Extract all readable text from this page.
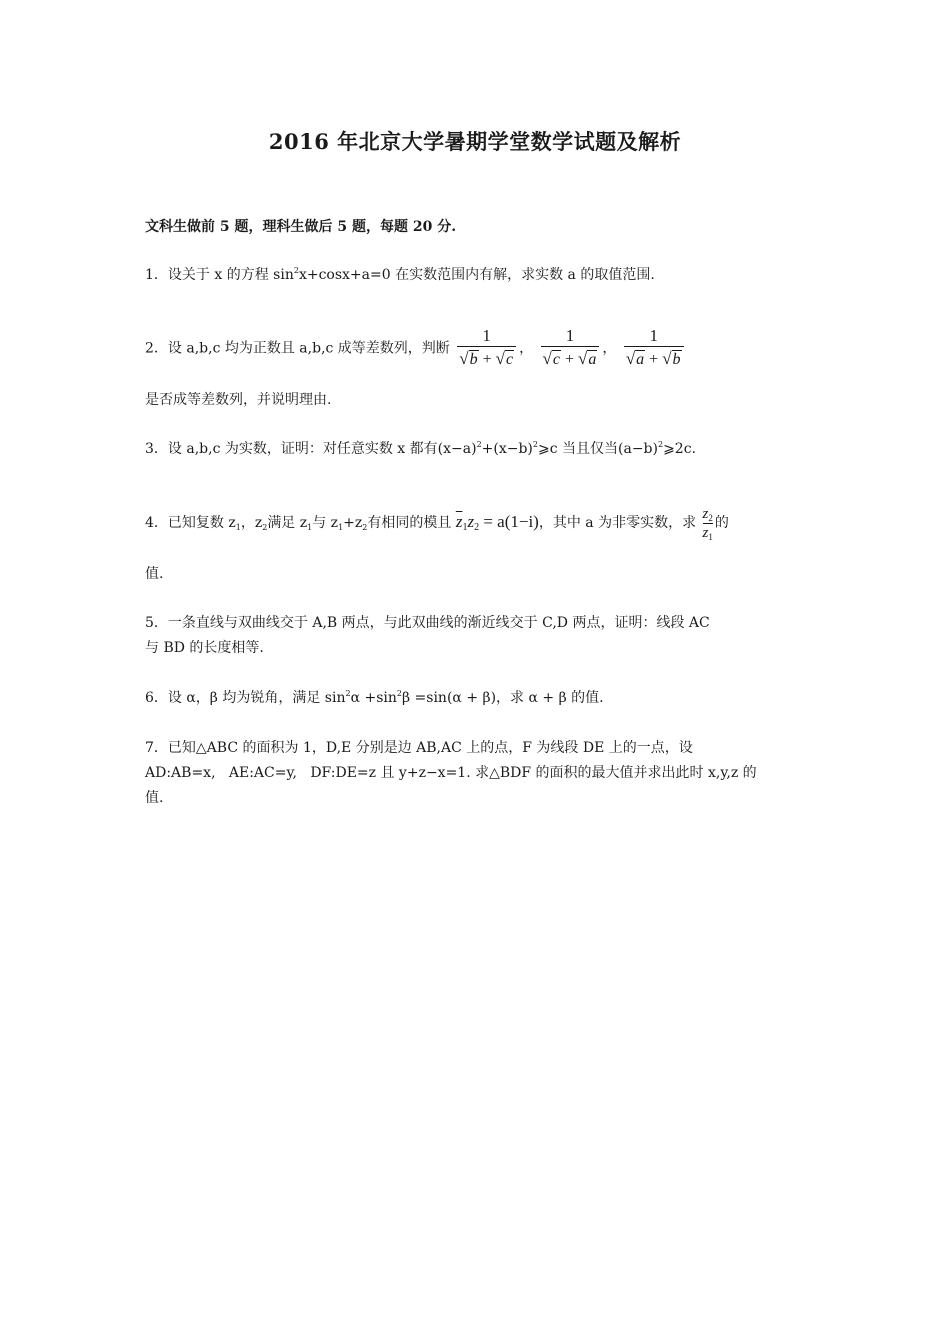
2016 年北京大学暑期学堂数学试题及解析
文科生做前 5 题，理科生做后 5 题，每题 20 分.
1．设关于 x 的方程 $\sin^2x+\cos x+a=0$ 在实数范围内有解，求实数 a 的取值范围.
2．设 a,b,c 均为正数且 a,b,c 成等差数列，判断 $\frac{1}{√b + √c}$ ， $\frac{1}{√c + √a}$ ， $\frac{1}{√a + √b}$
是否成等差数列，并说明理由.
3．设 a,b,c 为实数，证明：对任意实数 x 都有$(x-a)^2+(x-b)^2⩾c$ 当且仅当$(a-b)^2⩾2c$.
4．已知复数 $z_1$，$z_2$满足 $z_1$与 $z_1+z_2$有相同的模且 $\overline{z}_1z_2 = a(1-i)$，其中 a 为非零实数，求 $\frac{z_2}{z_1}$ 的
值.
5．一条直线与双曲线交于 A,B 两点，与此双曲线的渐近线交于 C,D 两点，证明：线段 AC
与 BD 的长度相等.
6．设 α，β 均为锐角，满足 $\sin^2\alpha +\sin^2\beta =\sin(\alpha + \beta)$，求 α + β 的值.
7．已知△ABC 的面积为 1，D,E 分别是边 AB,AC 上的点，F 为线段 DE 上的一点，设
AD:AB=x,   AE:AC=y,   DF:DE=z 且 y+z−x=1. 求△BDF 的面积的最大值并求出此时 x,y,z 的
值.
